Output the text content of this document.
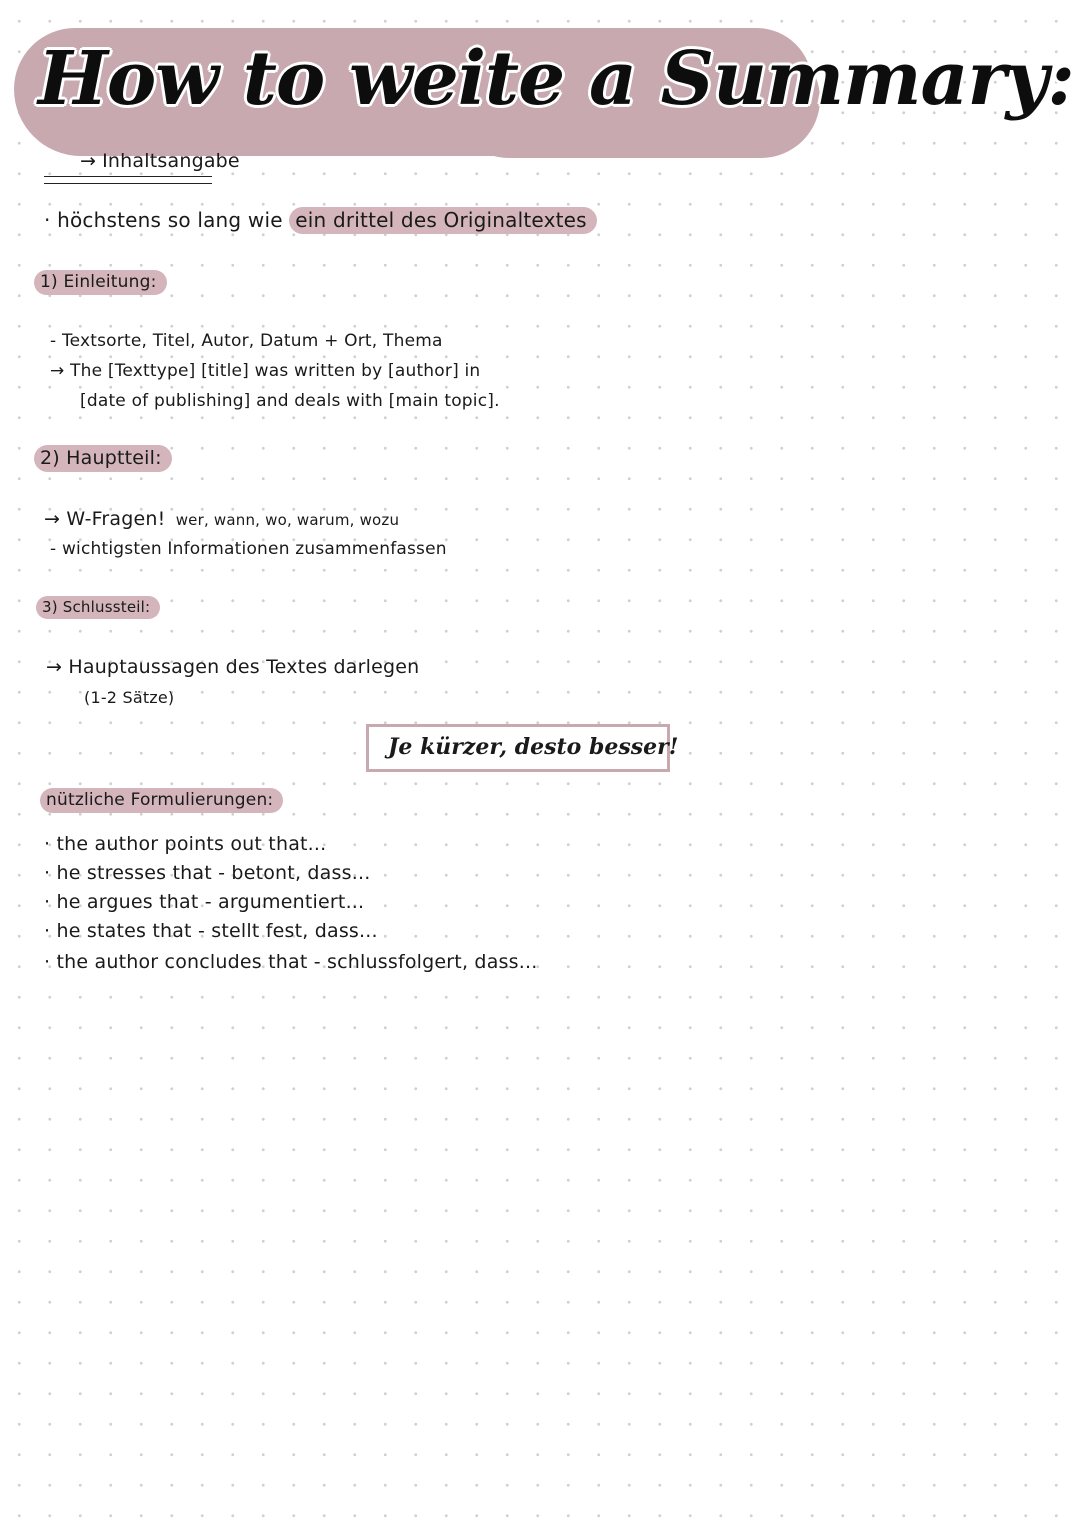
How to weite a Summary:
→ Inhaltsangabe
· höchstens so lang wie ein drittel des Originaltextes
1) Einleitung:
- Textsorte, Titel, Autor, Datum + Ort, Thema
→ The [Texttype] [title] was written by [author] in
[date of publishing] and deals with [main topic].
2) Hauptteil:
→ W-Fragen! wer, wann, wo, warum, wozu
- wichtigsten Informationen zusammenfassen
3) Schlussteil:
→ Hauptaussagen des Textes darlegen
(1-2 Sätze)
Je kürzer, desto besser!
nützliche Formulierungen:
· the author points out that...
· he stresses that - betont, dass...
· he argues that - argumentiert...
· he states that - stellt fest, dass...
· the author concludes that - schlussfolgert, dass...
